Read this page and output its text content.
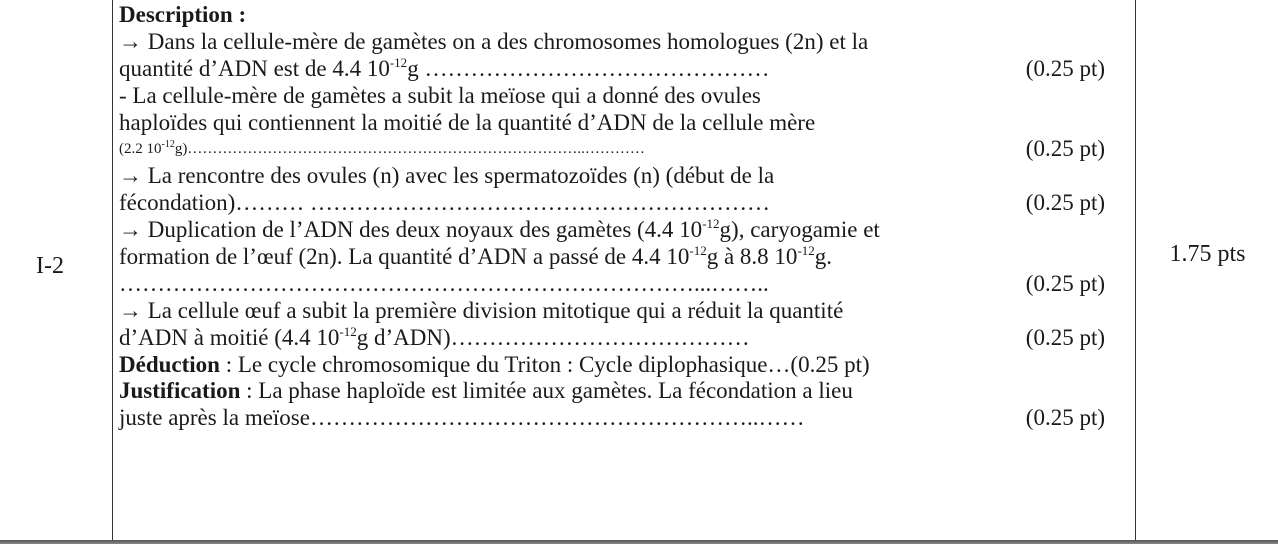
I-2
Description :
→ Dans la cellule-mère de gamètes on a des chromosomes homologues (2n) et la
quantité d’ADN est de 4.4 $10^{-12}g$ ………………………………………	(0.25 pt)
- La cellule-mère de gamètes a subit la meïose qui a donné des ovules
haploïdes qui contiennent la moitié de la quantité d’ADN de la cellule mère
(2.2 $10^{-12}g)\dots\dots\dots\dots\dots\dots\dots\dots\dots\dots\dots\dots\dots\dots\dots\dots\dots\dots\dots\dots\dots\dots\dots\dots\dots\dots..\dots\dots\dots\dots$	(0.25 pt)
→ La rencontre des ovules (n) avec les spermatozoïdes (n) (début de la
fécondation)……… ……………………………………………………	(0.25 pt)
→ Duplication de l’ADN des deux noyaux des gamètes (4.4 $10^{-12}g$), caryogamie et
formation de l’œuf (2n). La quantité d’ADN a passé de 4.4 $10^{-12}g$ à 8.8 $10^{-12}g$.
…………………………………………………………………...……..	(0.25 pt)
→ La cellule œuf a subit la première division mitotique qui a réduit la quantité
d’ADN à moitié (4.4 $10^{-12}g$ d’ADN)…………………………………	(0.25 pt)
Déduction : Le cycle chromosomique du Triton : Cycle diplophasique…(0.25 pt)
Justification : La phase haploïde est limitée aux gamètes. La fécondation a lieu
juste après la meïose…………………………………………………..……	(0.25 pt)
1.75 pts
